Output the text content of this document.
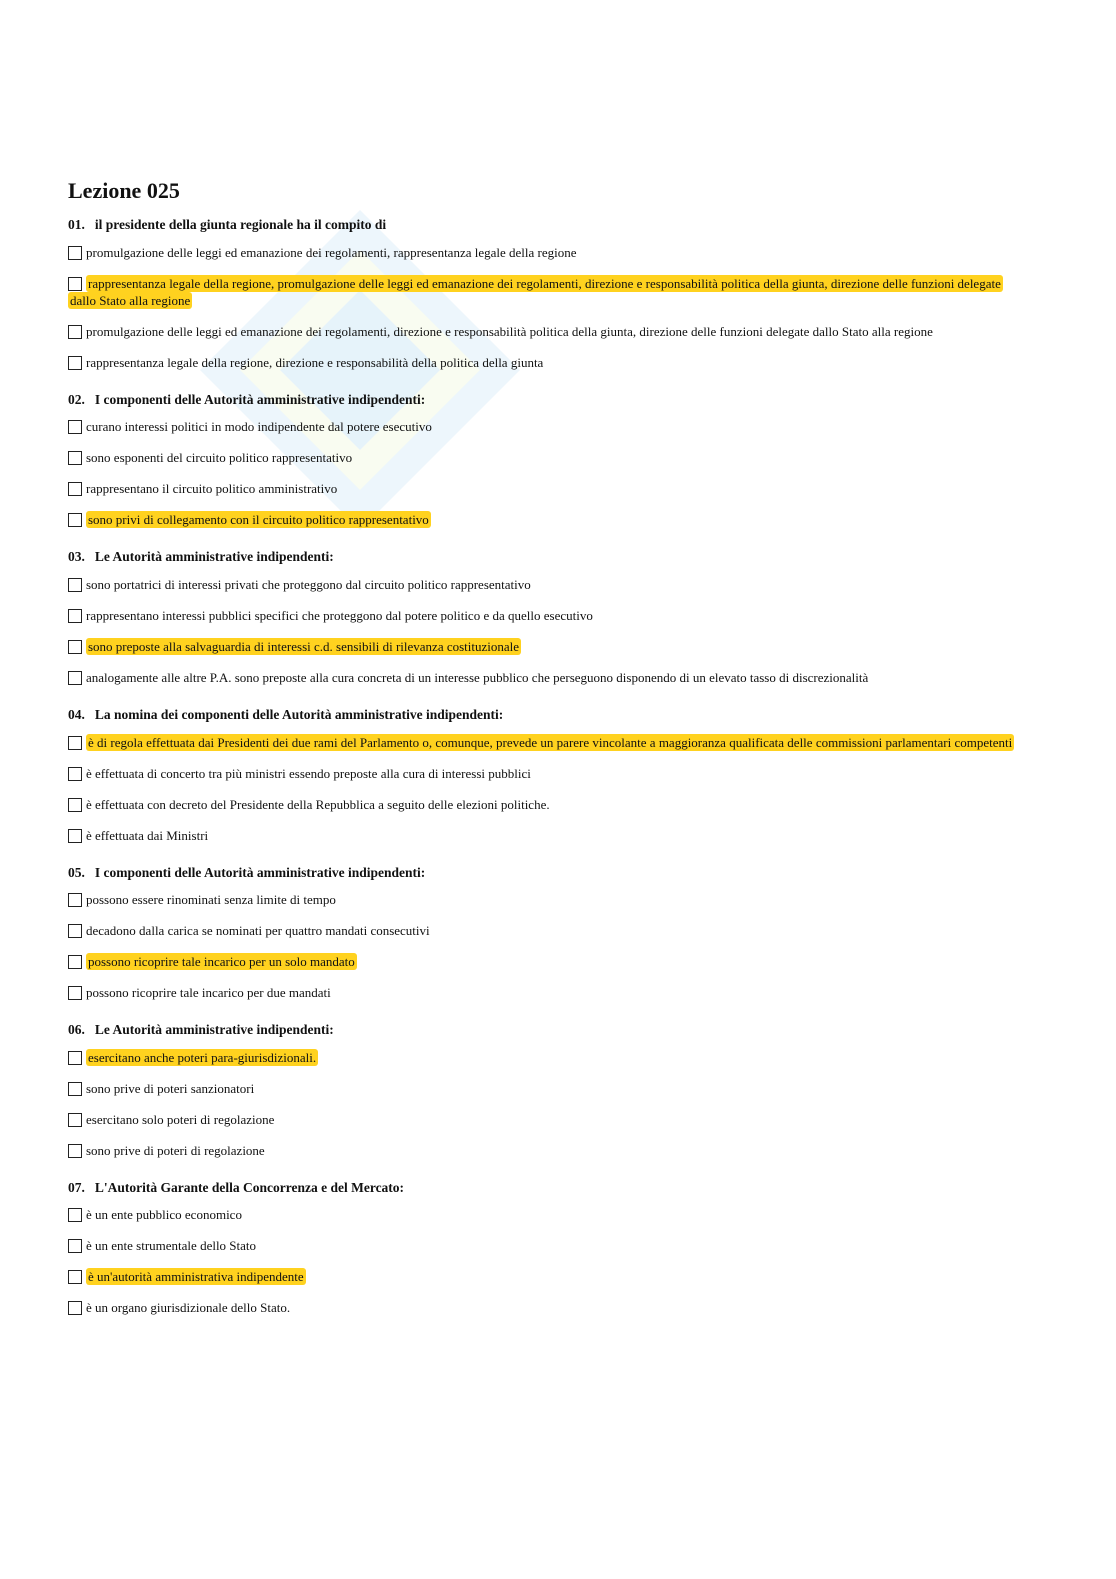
Lezione 025
01. il presidente della giunta regionale ha il compito di
promulgazione delle leggi ed emanazione dei regolamenti, rappresentanza legale della regione
rappresentanza legale della regione, promulgazione delle leggi ed emanazione dei regolamenti, direzione e responsabilità politica della giunta, direzione delle funzioni delegate dallo Stato alla regione
promulgazione delle leggi ed emanazione dei regolamenti, direzione e responsabilità politica della giunta, direzione delle funzioni delegate dallo Stato alla regione
rappresentanza legale della regione, direzione e responsabilità della politica della giunta
02. I componenti delle Autorità amministrative indipendenti:
curano interessi politici in modo indipendente dal potere esecutivo
sono esponenti del circuito politico rappresentativo
rappresentano il circuito politico amministrativo
sono privi di collegamento con il circuito politico rappresentativo
03. Le Autorità amministrative indipendenti:
sono portatrici di interessi privati che proteggono dal circuito politico rappresentativo
rappresentano interessi pubblici specifici che proteggono dal potere politico e da quello esecutivo
sono preposte alla salvaguardia di interessi c.d. sensibili di rilevanza costituzionale
analogamente alle altre P.A. sono preposte alla cura concreta di un interesse pubblico che perseguono disponendo di un elevato tasso di discrezionalità
04. La nomina dei componenti delle Autorità amministrative indipendenti:
è di regola effettuata dai Presidenti dei due rami del Parlamento o, comunque, prevede un parere vincolante a maggioranza qualificata delle commissioni parlamentari competenti
è effettuata di concerto tra più ministri essendo preposte alla cura di interessi pubblici
è effettuata con decreto del Presidente della Repubblica a seguito delle elezioni politiche.
è effettuata dai Ministri
05. I componenti delle Autorità amministrative indipendenti:
possono essere rinominati senza limite di tempo
decadono dalla carica se nominati per quattro mandati consecutivi
possono ricoprire tale incarico per un solo mandato
possono ricoprire tale incarico per due mandati
06. Le Autorità amministrative indipendenti:
esercitano anche poteri para-giurisdizionali.
sono prive di poteri sanzionatori
esercitano solo poteri di regolazione
sono prive di poteri di regolazione
07. L'Autorità Garante della Concorrenza e del Mercato:
è un ente pubblico economico
è un ente strumentale dello Stato
è un'autorità amministrativa indipendente
è un organo giurisdizionale dello Stato.
